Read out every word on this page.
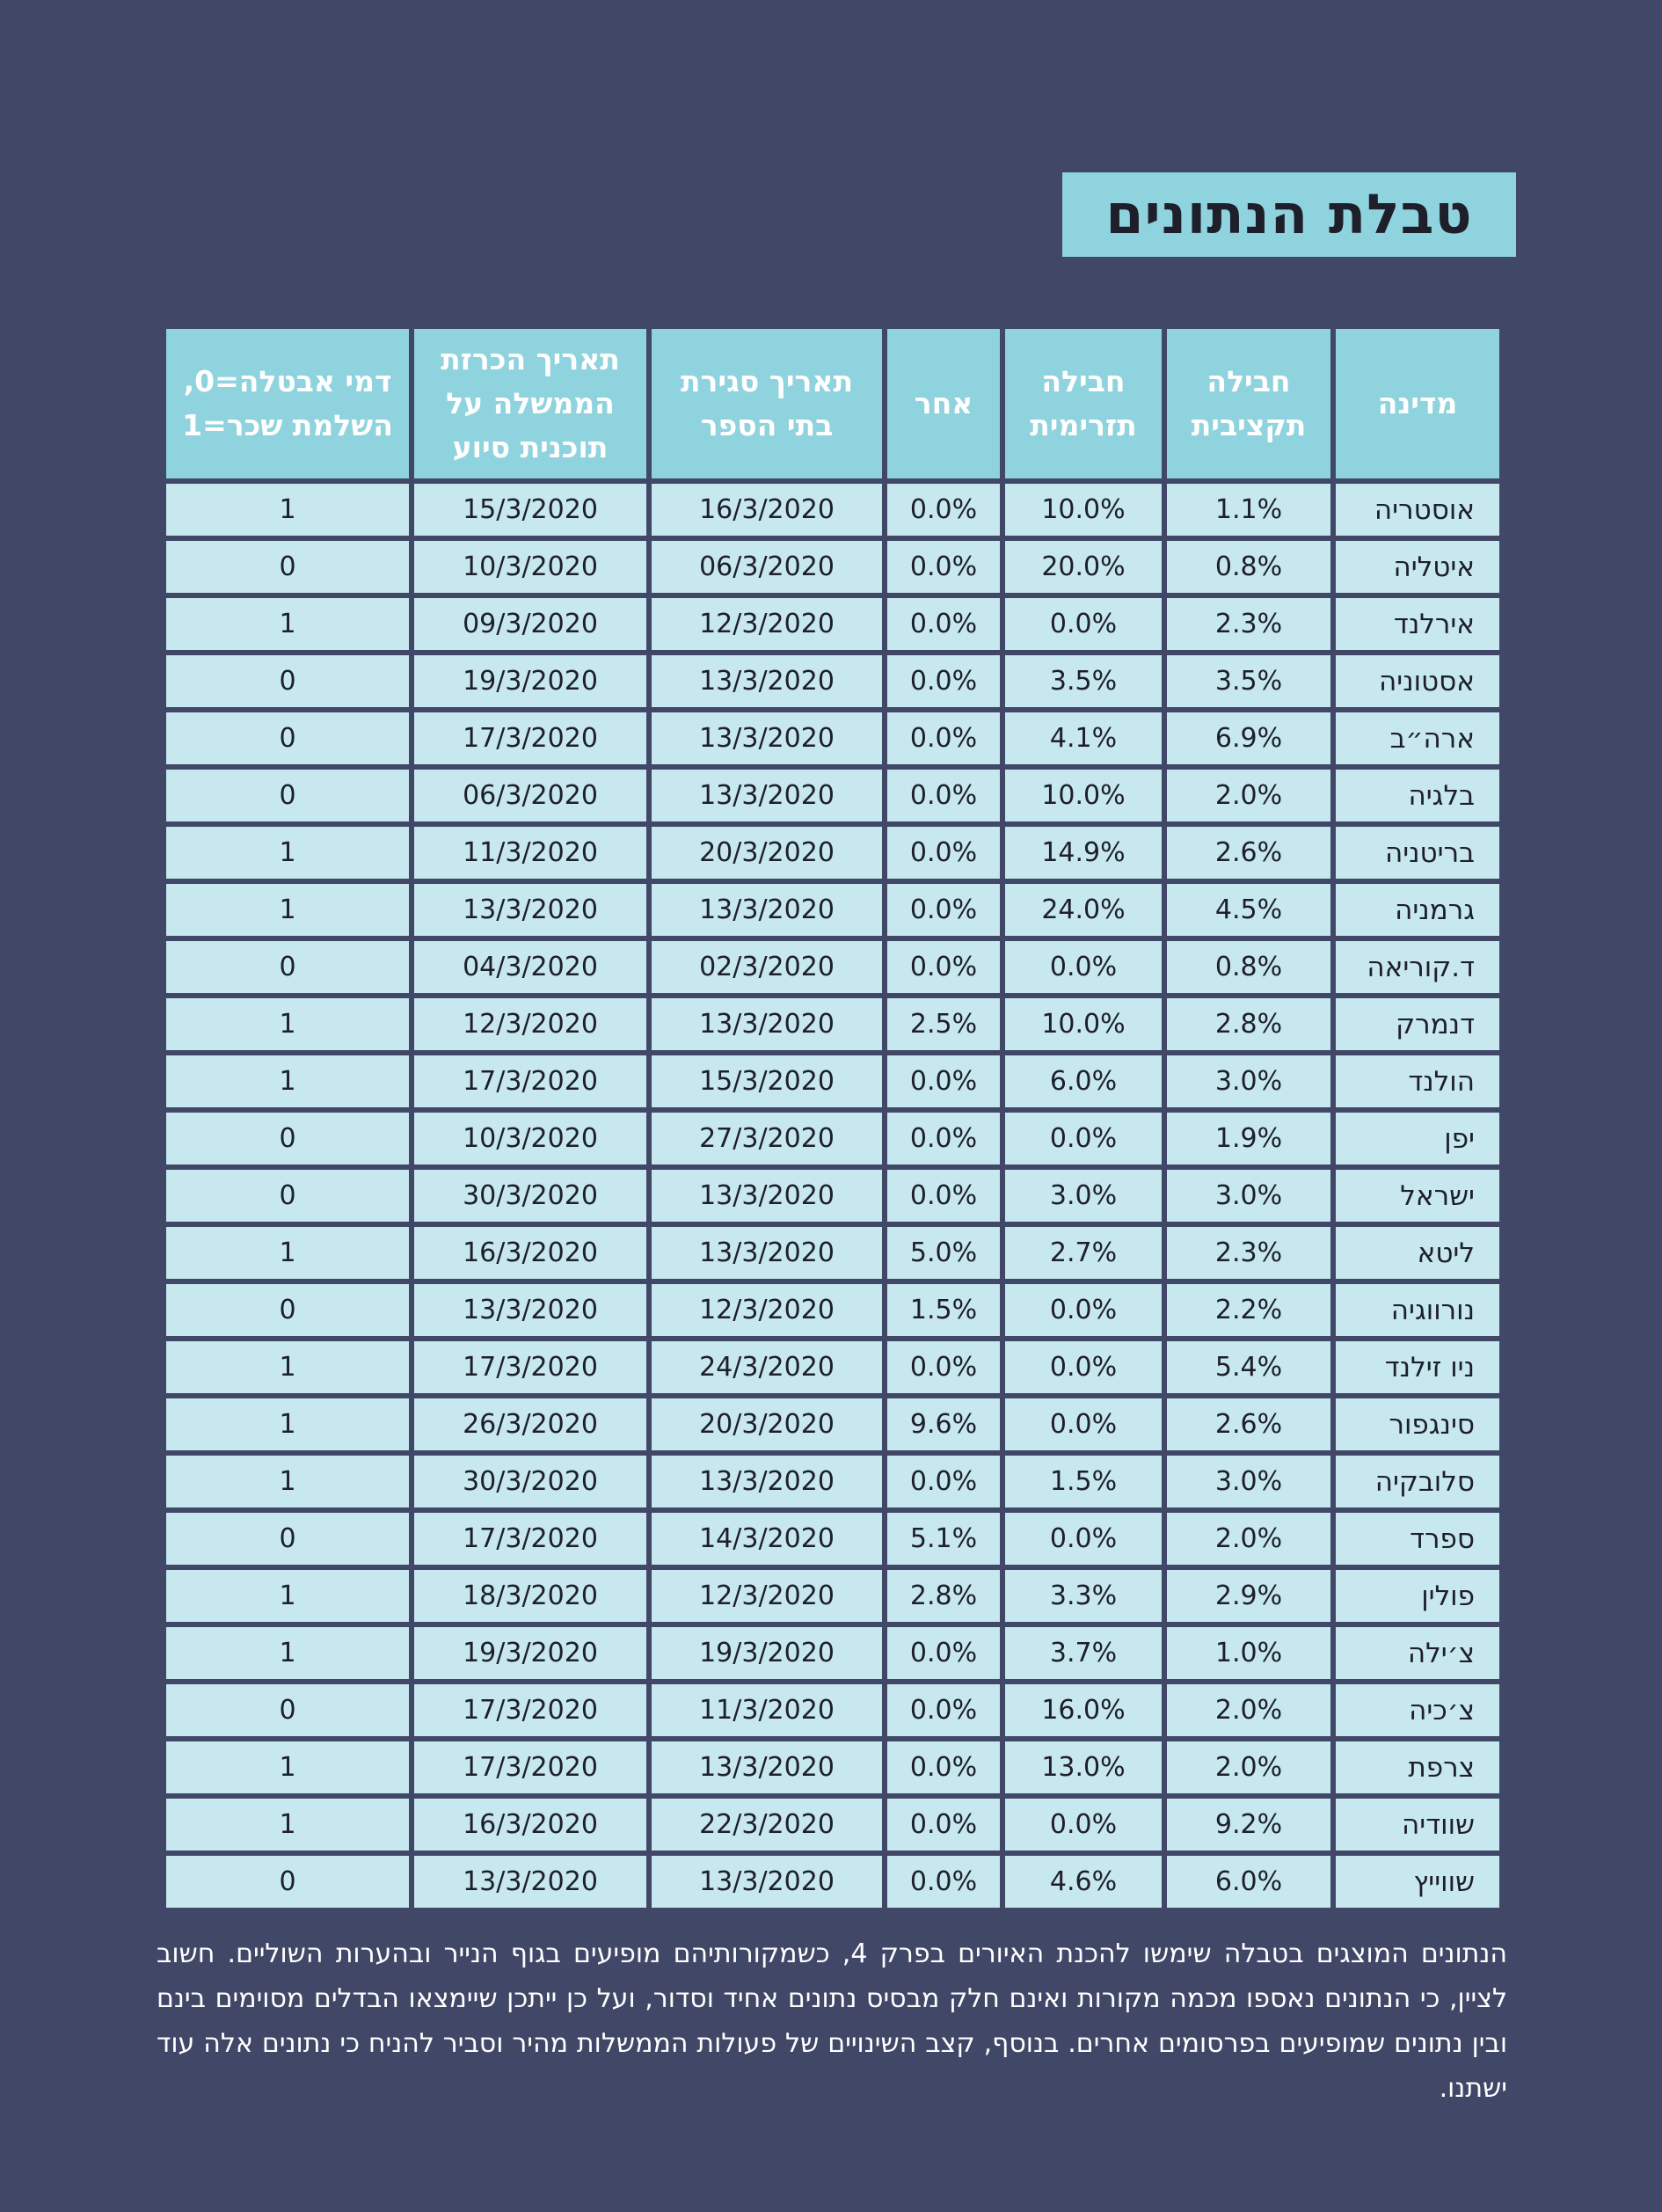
טבלת הנתונים
מדינה	חבילה תקציבית	חבילה תזרימית	אחר	תאריך סגירת בתי הספר	תאריך הכרזת הממשלה על תוכנית סיוע	דמי אבטלה=0, השלמת שכר=1
אוסטריה	1.1%	10.0%	0.0%	16/3/2020	15/3/2020	1
איטליה	0.8%	20.0%	0.0%	06/3/2020	10/3/2020	0
אירלנד	2.3%	0.0%	0.0%	12/3/2020	09/3/2020	1
אסטוניה	3.5%	3.5%	0.0%	13/3/2020	19/3/2020	0
ארה״ב	6.9%	4.1%	0.0%	13/3/2020	17/3/2020	0
בלגיה	2.0%	10.0%	0.0%	13/3/2020	06/3/2020	0
בריטניה	2.6%	14.9%	0.0%	20/3/2020	11/3/2020	1
גרמניה	4.5%	24.0%	0.0%	13/3/2020	13/3/2020	1
ד.קוריאה	0.8%	0.0%	0.0%	02/3/2020	04/3/2020	0
דנמרק	2.8%	10.0%	2.5%	13/3/2020	12/3/2020	1
הולנד	3.0%	6.0%	0.0%	15/3/2020	17/3/2020	1
יפן	1.9%	0.0%	0.0%	27/3/2020	10/3/2020	0
ישראל	3.0%	3.0%	0.0%	13/3/2020	30/3/2020	0
ליטא	2.3%	2.7%	5.0%	13/3/2020	16/3/2020	1
נורווגיה	2.2%	0.0%	1.5%	12/3/2020	13/3/2020	0
ניו זילנד	5.4%	0.0%	0.0%	24/3/2020	17/3/2020	1
סינגפור	2.6%	0.0%	9.6%	20/3/2020	26/3/2020	1
סלובקיה	3.0%	1.5%	0.0%	13/3/2020	30/3/2020	1
ספרד	2.0%	0.0%	5.1%	14/3/2020	17/3/2020	0
פולין	2.9%	3.3%	2.8%	12/3/2020	18/3/2020	1
צ׳ילה	1.0%	3.7%	0.0%	19/3/2020	19/3/2020	1
צ׳כיה	2.0%	16.0%	0.0%	11/3/2020	17/3/2020	0
צרפת	2.0%	13.0%	0.0%	13/3/2020	17/3/2020	1
שוודיה	9.2%	0.0%	0.0%	22/3/2020	16/3/2020	1
שווייץ	6.0%	4.6%	0.0%	13/3/2020	13/3/2020	0

הנתונים המוצגים בטבלה שימשו להכנת האיורים בפרק 4, כשמקורותיהם מופיעים בגוף הנייר ובהערות השוליים. חשוב לציין, כי הנתונים נאספו מכמה מקורות ואינם חלק מבסיס נתונים אחיד וסדור, ועל כן ייתכן שיימצאו הבדלים מסוימים בינם ובין נתונים שמופיעים בפרסומים אחרים. בנוסף, קצב השינויים של פעולות הממשלות מהיר וסביר להניח כי נתונים אלה עוד ישתנו.
